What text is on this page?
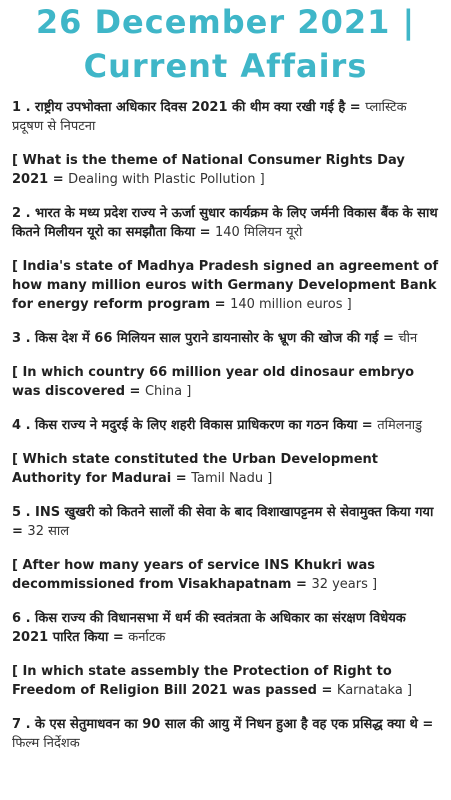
26 December 2021 |
Current Affairs

1 . राष्ट्रीय उपभोक्ता अधिकार दिवस 2021 की थीम क्या रखी गई है = प्लास्टिक प्रदूषण से निपटना

[ What is the theme of National Consumer Rights Day 2021 = Dealing with Plastic Pollution ]

2 . भारत के मध्य प्रदेश राज्य ने ऊर्जा सुधार कार्यक्रम के लिए जर्मनी विकास बैंक के साथ कितने मिलीयन यूरो का समझौता किया = 140 मिलियन यूरो

[ India's state of Madhya Pradesh signed an agreement of how many million euros with Germany Development Bank for energy reform program = 140 million euros ]

3 . किस देश में 66 मिलियन साल पुराने डायनासोर के भ्रूण की खोज की गई = चीन

[ In which country 66 million year old dinosaur embryo was discovered = China ]

4 . किस राज्य ने मदुरई के लिए शहरी विकास प्राधिकरण का गठन किया = तमिलनाडु

[ Which state constituted the Urban Development Authority for Madurai = Tamil Nadu ]

5 . INS खुखरी को कितने सालों की सेवा के बाद विशाखापट्टनम से सेवामुक्त किया गया = 32 साल

[ After how many years of service INS Khukri was decommissioned from Visakhapatnam = 32 years ]

6 . किस राज्य की विधानसभा में धर्म की स्वतंत्रता के अधिकार का संरक्षण विधेयक 2021 पारित किया = कर्नाटक

[ In which state assembly the Protection of Right to Freedom of Religion Bill 2021 was passed = Karnataka ]

7 . के एस सेतुमाधवन का 90 साल की आयु में निधन हुआ है वह एक प्रसिद्ध क्या थे = फिल्म निर्देशक
